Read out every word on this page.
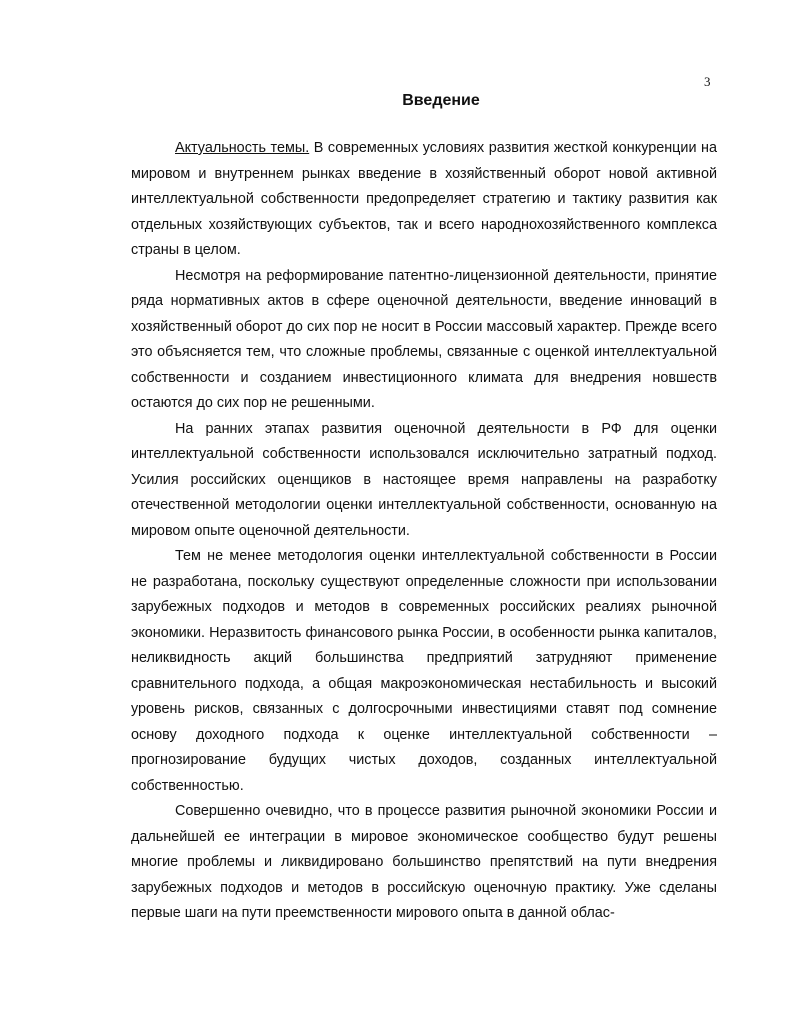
3
Введение

Актуальность темы. В современных условиях развития жесткой конкуренции на мировом и внутреннем рынках введение в хозяйственный оборот новой активной интеллектуальной собственности предопределяет стратегию и тактику развития как отдельных хозяйствующих субъектов, так и всего народнохозяйственного комплекса страны в целом.

Несмотря на реформирование патентно-лицензионной деятельности, принятие ряда нормативных актов в сфере оценочной деятельности, введение инноваций в хозяйственный оборот до сих пор не носит в России массовый характер. Прежде всего это объясняется тем, что сложные проблемы, связанные с оценкой интеллектуальной собственности и созданием инвестиционного климата для внедрения новшеств остаются до сих пор не решенными.

На ранних этапах развития оценочной деятельности в РФ для оценки интеллектуальной собственности использовался исключительно затратный подход. Усилия российских оценщиков в настоящее время направлены на разработку отечественной методологии оценки интеллектуальной собственности, основанную на мировом опыте оценочной деятельности.

Тем не менее методология оценки интеллектуальной собственности в России не разработана, поскольку существуют определенные сложности при использовании зарубежных подходов и методов в современных российских реалиях рыночной экономики. Неразвитость финансового рынка России, в особенности рынка капиталов, неликвидность акций большинства предприятий затрудняют применение сравнительного подхода, а общая макроэкономическая нестабильность и высокий уровень рисков, связанных с долгосрочными инвестициями ставят под сомнение основу доходного подхода к оценке интеллектуальной собственности – прогнозирование будущих чистых доходов, созданных интеллектуальной собственностью.

Совершенно очевидно, что в процессе развития рыночной экономики России и дальнейшей ее интеграции в мировое экономическое сообщество будут решены многие проблемы и ликвидировано большинство препятствий на пути внедрения зарубежных подходов и методов в российскую оценочную практику. Уже сделаны первые шаги на пути преемственности мирового опыта в данной облас-
